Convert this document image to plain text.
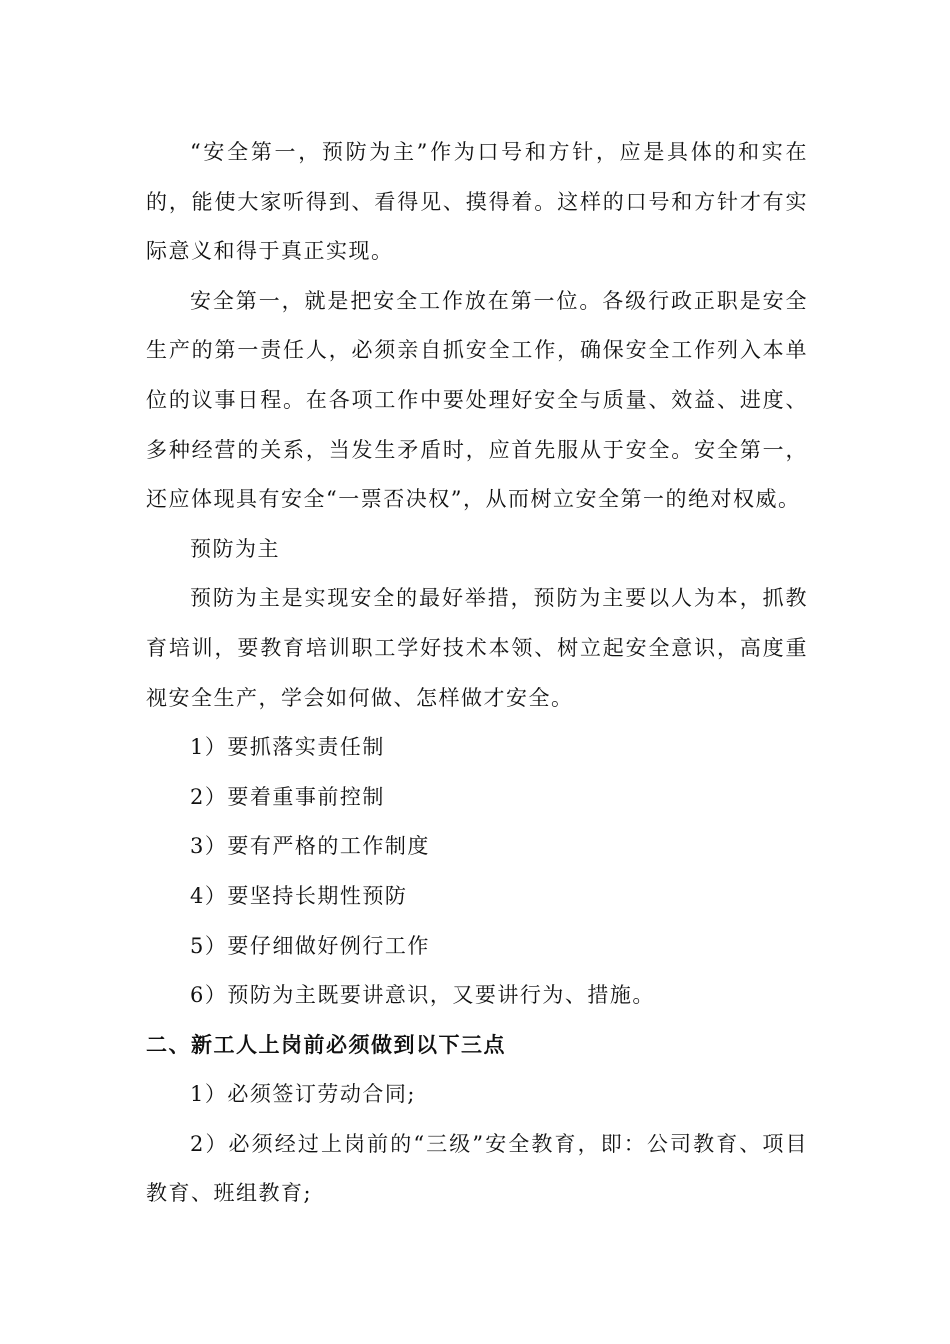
“安全第一，预防为主”作为口号和方针，应是具体的和实在的，能使大家听得到、看得见、摸得着。这样的口号和方针才有实际意义和得于真正实现。

安全第一，就是把安全工作放在第一位。各级行政正职是安全生产的第一责任人，必须亲自抓安全工作，确保安全工作列入本单位的议事日程。在各项工作中要处理好安全与质量、效益、进度、多种经营的关系，当发生矛盾时，应首先服从于安全。安全第一，还应体现具有安全“一票否决权”，从而树立安全第一的绝对权威。

预防为主

预防为主是实现安全的最好举措，预防为主要以人为本，抓教育培训，要教育培训职工学好技术本领、树立起安全意识，高度重视安全生产，学会如何做、怎样做才安全。

1）要抓落实责任制

2）要着重事前控制

3）要有严格的工作制度

4）要坚持长期性预防

5）要仔细做好例行工作

6）预防为主既要讲意识，又要讲行为、措施。

二、新工人上岗前必须做到以下三点

1）必须签订劳动合同;

2）必须经过上岗前的“三级”安全教育，即：公司教育、项目教育、班组教育;
